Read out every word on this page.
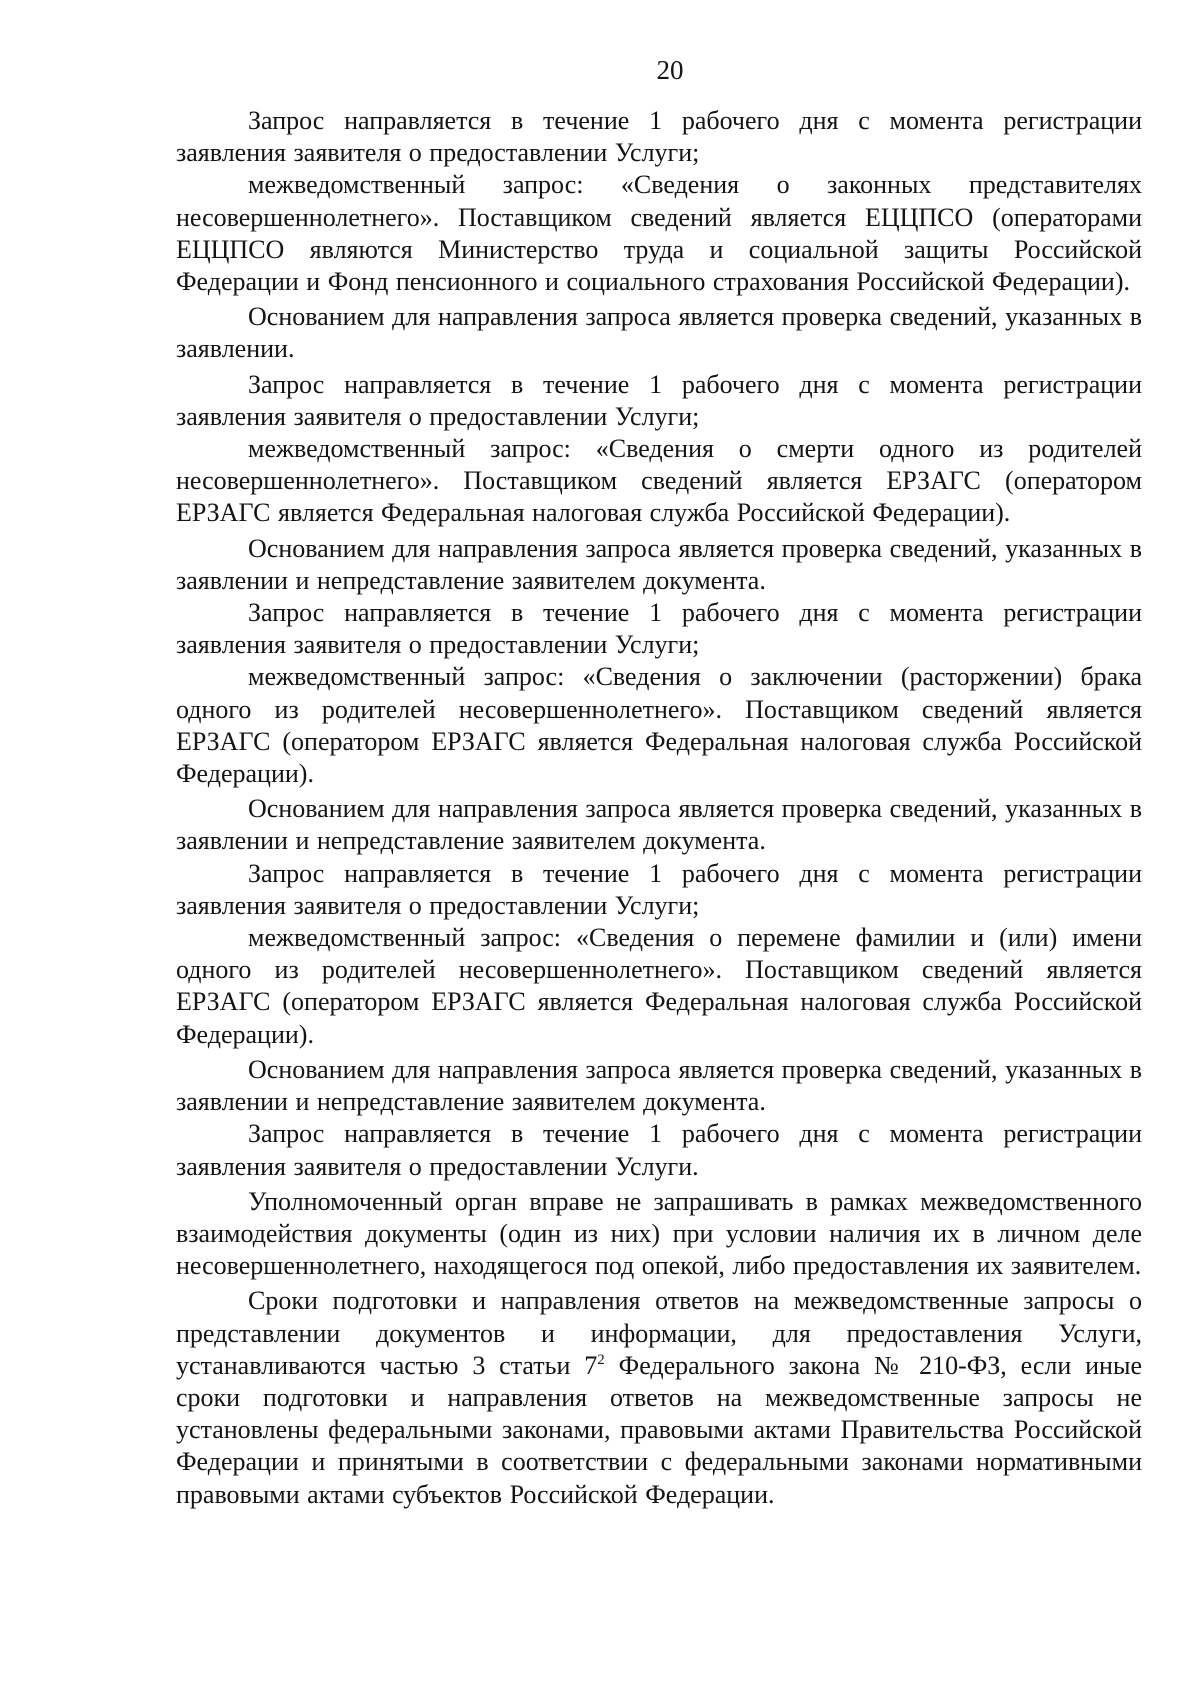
20

Запрос направляется в течение 1 рабочего дня с момента регистрации заявления заявителя о предоставлении Услуги;

межведомственный запрос: «Сведения о законных представителях несовершеннолетнего». Поставщиком сведений является ЕЦЦПСО (операторами ЕЦЦПСО являются Министерство труда и социальной защиты Российской Федерации и Фонд пенсионного и социального страхования Российской Федерации).

Основанием для направления запроса является проверка сведений, указанных в заявлении.

Запрос направляется в течение 1 рабочего дня с момента регистрации заявления заявителя о предоставлении Услуги;

межведомственный запрос: «Сведения о смерти одного из родителей несовершеннолетнего». Поставщиком сведений является ЕРЗАГС (оператором ЕРЗАГС является Федеральная налоговая служба Российской Федерации).

Основанием для направления запроса является проверка сведений, указанных в заявлении и непредставление заявителем документа.

Запрос направляется в течение 1 рабочего дня с момента регистрации заявления заявителя о предоставлении Услуги;

межведомственный запрос: «Сведения о заключении (расторжении) брака одного из родителей несовершеннолетнего». Поставщиком сведений является ЕРЗАГС (оператором ЕРЗАГС является Федеральная налоговая служба Российской Федерации).

Основанием для направления запроса является проверка сведений, указанных в заявлении и непредставление заявителем документа.

Запрос направляется в течение 1 рабочего дня с момента регистрации заявления заявителя о предоставлении Услуги;

межведомственный запрос: «Сведения о перемене фамилии и (или) имени одного из родителей несовершеннолетнего». Поставщиком сведений является ЕРЗАГС (оператором ЕРЗАГС является Федеральная налоговая служба Российской Федерации).

Основанием для направления запроса является проверка сведений, указанных в заявлении и непредставление заявителем документа.

Запрос направляется в течение 1 рабочего дня с момента регистрации заявления заявителя о предоставлении Услуги.

Уполномоченный орган вправе не запрашивать в рамках межведомственного взаимодействия документы (один из них) при условии наличия их в личном деле несовершеннолетнего, находящегося под опекой, либо предоставления их заявителем.

Сроки подготовки и направления ответов на межведомственные запросы о представлении документов и информации, для предоставления Услуги, устанавливаются частью 3 статьи $7^2$ Федерального закона № 210-ФЗ, если иные сроки подготовки и направления ответов на межведомственные запросы не установлены федеральными законами, правовыми актами Правительства Российской Федерации и принятыми в соответствии с федеральными законами нормативными правовыми актами субъектов Российской Федерации.
